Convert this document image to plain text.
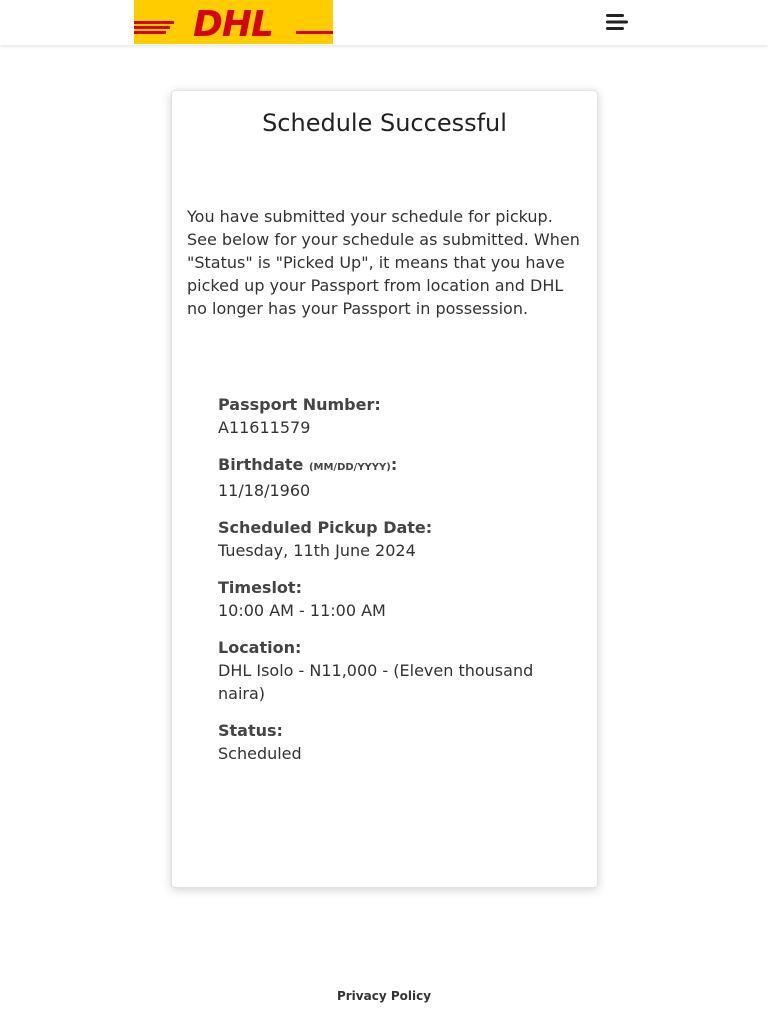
DHL
Schedule Successful

You have submitted your schedule for pickup. See below for your schedule as submitted. When "Status" is "Picked Up", it means that you have picked up your Passport from location and DHL no longer has your Passport in possession.

Passport Number:
A11611579
Birthdate (MM/DD/YYYY):
11/18/1960
Scheduled Pickup Date:
Tuesday, 11th June 2024
Timeslot:
10:00 AM - 11:00 AM
Location:
DHL Isolo - N11,000 - (Eleven thousand naira)
Status:
Scheduled
Privacy Policy
